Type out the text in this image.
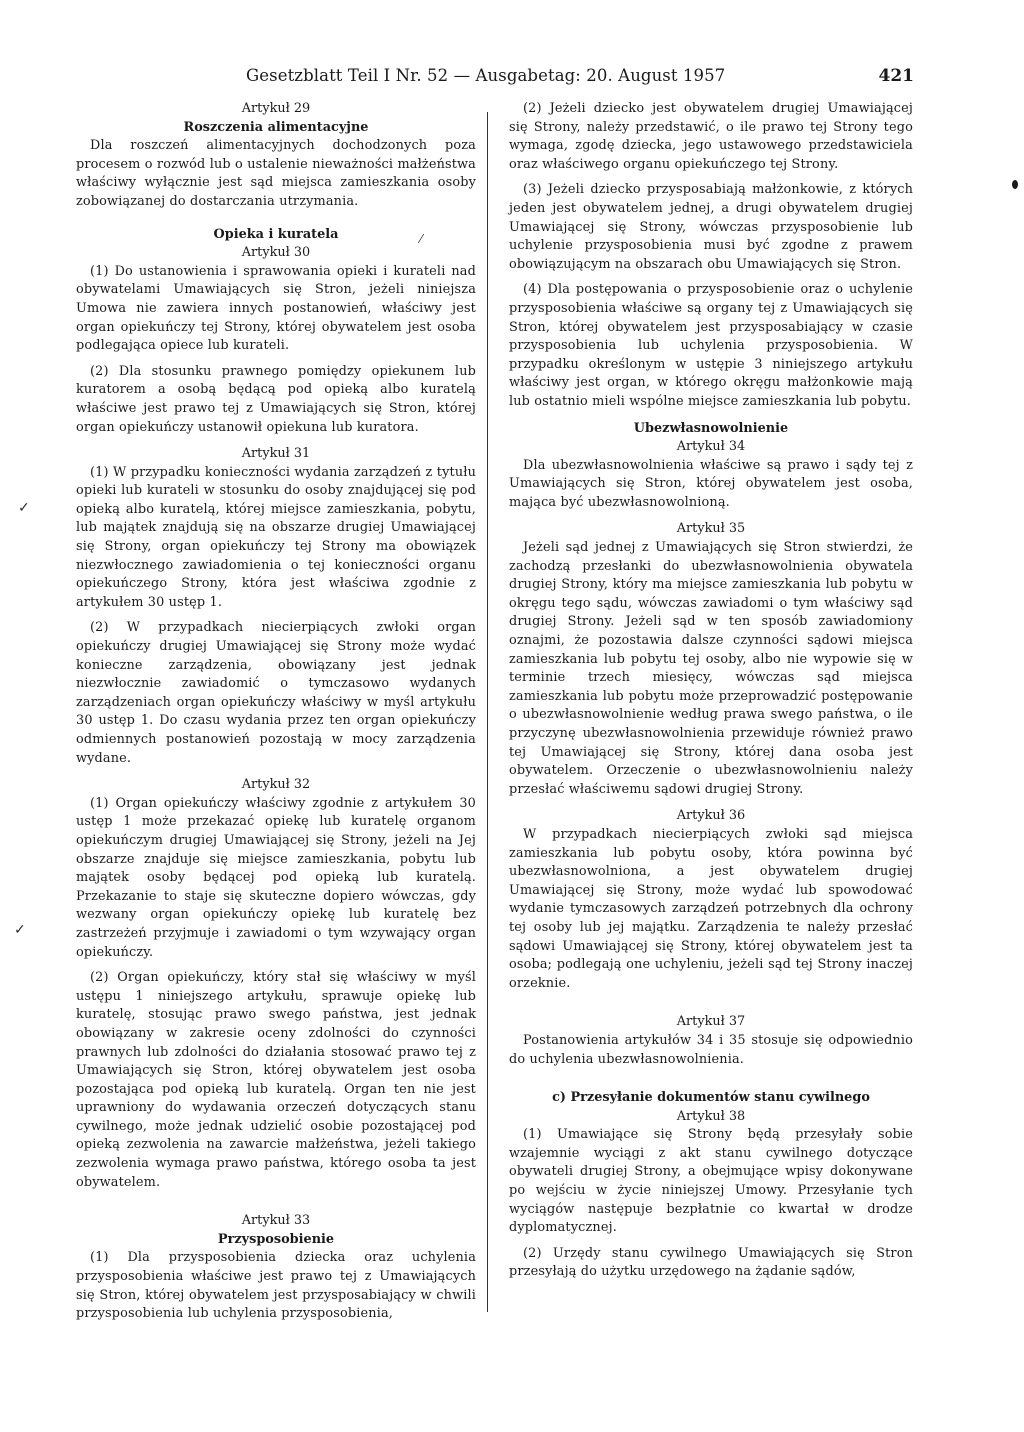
Gesetzblatt Teil I Nr. 52 — Ausgabetag: 20. August 1957	421

Artykuł 29

Roszczenia alimentacyjne

Dla roszczeń alimentacyjnych dochodzonych poza procesem o rozwód lub o ustalenie nieważności małżeństwa właściwy wyłącznie jest sąd miejsca zamieszkania osoby zobowiązanej do dostarczania utrzymania.

Opieka i kuratela

Artykuł 30

(1) Do ustanowienia i sprawowania opieki i kurateli nad obywatelami Umawiających się Stron, jeżeli niniejsza Umowa nie zawiera innych postanowień, właściwy jest organ opiekuńczy tej Strony, której obywatelem jest osoba podlegająca opiece lub kurateli.

(2) Dla stosunku prawnego pomiędzy opiekunem lub kuratorem a osobą będącą pod opieką albo kuratelą właściwe jest prawo tej z Umawiających się Stron, której organ opiekuńczy ustanowił opiekuna lub kuratora.

Artykuł 31

(1) W przypadku konieczności wydania zarządzeń z tytułu opieki lub kurateli w stosunku do osoby znajdującej się pod opieką albo kuratelą, której miejsce zamieszkania, pobytu, lub majątek znajdują się na obszarze drugiej Umawiającej się Strony, organ opiekuńczy tej Strony ma obowiązek niezwłocznego zawiadomienia o tej konieczności organu opiekuńczego Strony, która jest właściwa zgodnie z artykułem 30 ustęp 1.

(2) W przypadkach niecierpiących zwłoki organ opiekuńczy drugiej Umawiającej się Strony może wydać konieczne zarządzenia, obowiązany jest jednak niezwłocznie zawiadomić o tymczasowo wydanych zarządzeniach organ opiekuńczy właściwy w myśl artykułu 30 ustęp 1. Do czasu wydania przez ten organ opiekuńczy odmiennych postanowień pozostają w mocy zarządzenia wydane.

Artykuł 32

(1) Organ opiekuńczy właściwy zgodnie z artykułem 30 ustęp 1 może przekazać opiekę lub kuratelę organom opiekuńczym drugiej Umawiającej się Strony, jeżeli na Jej obszarze znajduje się miejsce zamieszkania, pobytu lub majątek osoby będącej pod opieką lub kuratelą. Przekazanie to staje się skuteczne dopiero wówczas, gdy wezwany organ opiekuńczy opiekę lub kuratelę bez zastrzeżeń przyjmuje i zawiadomi o tym wzywający organ opiekuńczy.

(2) Organ opiekuńczy, który stał się właściwy w myśl ustępu 1 niniejszego artykułu, sprawuje opiekę lub kuratelę, stosując prawo swego państwa, jest jednak obowiązany w zakresie oceny zdolności do czynności prawnych lub zdolności do działania stosować prawo tej z Umawiających się Stron, której obywatelem jest osoba pozostająca pod opieką lub kuratelą. Organ ten nie jest uprawniony do wydawania orzeczeń dotyczących stanu cywilnego, może jednak udzielić osobie pozostającej pod opieką zezwolenia na zawarcie małżeństwa, jeżeli takiego zezwolenia wymaga prawo państwa, którego osoba ta jest obywatelem.

Artykuł 33

Przysposobienie

(1) Dla przysposobienia dziecka oraz uchylenia przysposobienia właściwe jest prawo tej z Umawiających się Stron, której obywatelem jest przysposabiający w chwili przysposobienia lub uchylenia przysposobienia,

(2) Jeżeli dziecko jest obywatelem drugiej Umawiającej się Strony, należy przedstawić, o ile prawo tej Strony tego wymaga, zgodę dziecka, jego ustawowego przedstawiciela oraz właściwego organu opiekuńczego tej Strony.

(3) Jeżeli dziecko przysposabiają małżonkowie, z których jeden jest obywatelem jednej, a drugi obywatelem drugiej Umawiającej się Strony, wówczas przysposobienie lub uchylenie przysposobienia musi być zgodne z prawem obowiązującym na obszarach obu Umawiających się Stron.

(4) Dla postępowania o przysposobienie oraz o uchylenie przysposobienia właściwe są organy tej z Umawiających się Stron, której obywatelem jest przysposabiający w czasie przysposobienia lub uchylenia przysposobienia. W przypadku określonym w ustępie 3 niniejszego artykułu właściwy jest organ, w którego okręgu małżonkowie mają lub ostatnio mieli wspólne miejsce zamieszkania lub pobytu.

Ubezwłasnowolnienie

Artykuł 34

Dla ubezwłasnowolnienia właściwe są prawo i sądy tej z Umawiających się Stron, której obywatelem jest osoba, mająca być ubezwłasnowolnioną.

Artykuł 35

Jeżeli sąd jednej z Umawiających się Stron stwierdzi, że zachodzą przesłanki do ubezwłasnowolnienia obywatela drugiej Strony, który ma miejsce zamieszkania lub pobytu w okręgu tego sądu, wówczas zawiadomi o tym właściwy sąd drugiej Strony. Jeżeli sąd w ten sposób zawiadomiony oznajmi, że pozostawia dalsze czynności sądowi miejsca zamieszkania lub pobytu tej osoby, albo nie wypowie się w terminie trzech miesięcy, wówczas sąd miejsca zamieszkania lub pobytu może przeprowadzić postępowanie o ubezwłasnowolnienie według prawa swego państwa, o ile przyczynę ubezwłasnowolnienia przewiduje również prawo tej Umawiającej się Strony, której dana osoba jest obywatelem. Orzeczenie o ubezwłasnowolnieniu należy przesłać właściwemu sądowi drugiej Strony.

Artykuł 36

W przypadkach niecierpiących zwłoki sąd miejsca zamieszkania lub pobytu osoby, która powinna być ubezwłasnowolniona, a jest obywatelem drugiej Umawiającej się Strony, może wydać lub spowodować wydanie tymczasowych zarządzeń potrzebnych dla ochrony tej osoby lub jej majątku. Zarządzenia te należy przesłać sądowi Umawiającej się Strony, której obywatelem jest ta osoba; podlegają one uchyleniu, jeżeli sąd tej Strony inaczej orzeknie.

Artykuł 37

Postanowienia artykułów 34 i 35 stosuje się odpowiednio do uchylenia ubezwłasnowolnienia.

c) Przesyłanie dokumentów stanu cywilnego

Artykuł 38

(1) Umawiające się Strony będą przesyłały sobie wzajemnie wyciągi z akt stanu cywilnego dotyczące obywateli drugiej Strony, a obejmujące wpisy dokonywane po wejściu w życie niniejszej Umowy. Przesyłanie tych wyciągów następuje bezpłatnie co kwartał w drodze dyplomatycznej.

(2) Urzędy stanu cywilnego Umawiających się Stron przesyłają do użytku urzędowego na żądanie sądów,

✓
✓
⁄
